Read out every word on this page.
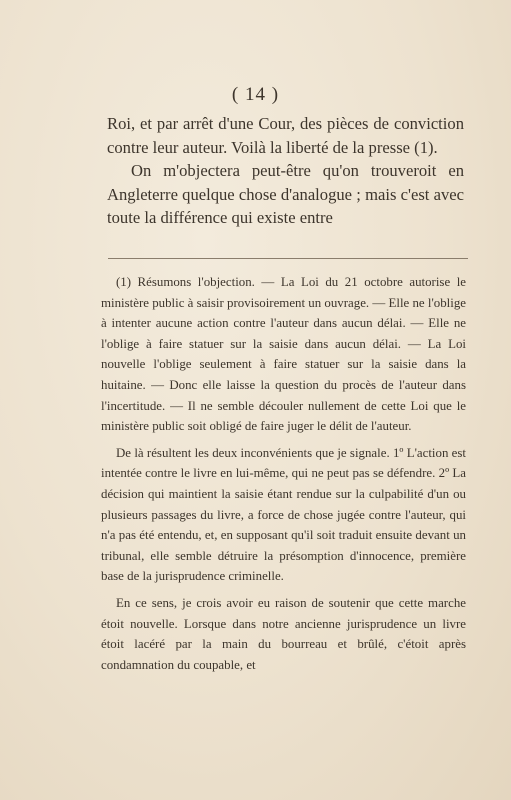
( 14 )

Roi, et par arrêt d'une Cour, des pièces de conviction contre leur auteur. Voilà la liberté de la presse (1).

On m'objectera peut-être qu'on trouveroit en Angleterre quelque chose d'analogue ; mais c'est avec toute la différence qui existe entre

(1) Résumons l'objection. — La Loi du 21 octobre autorise le ministère public à saisir provisoirement un ouvrage. — Elle ne l'oblige à intenter aucune action contre l'auteur dans aucun délai. — Elle ne l'oblige à faire statuer sur la saisie dans aucun délai. — La Loi nouvelle l'oblige seulement à faire statuer sur la saisie dans la huitaine. — Donc elle laisse la question du procès de l'auteur dans l'incertitude. — Il ne semble découler nullement de cette Loi que le ministère public soit obligé de faire juger le délit de l'auteur.

De là résultent les deux inconvénients que je signale. 1º L'action est intentée contre le livre en lui-même, qui ne peut pas se défendre. 2º La décision qui maintient la saisie étant rendue sur la culpabilité d'un ou plusieurs passages du livre, a force de chose jugée contre l'auteur, qui n'a pas été entendu, et, en supposant qu'il soit traduit ensuite devant un tribunal, elle semble détruire la présomption d'innocence, première base de la jurisprudence criminelle.

En ce sens, je crois avoir eu raison de soutenir que cette marche étoit nouvelle. Lorsque dans notre ancienne jurisprudence un livre étoit lacéré par la main du bourreau et brûlé, c'étoit après condamnation du coupable, et
